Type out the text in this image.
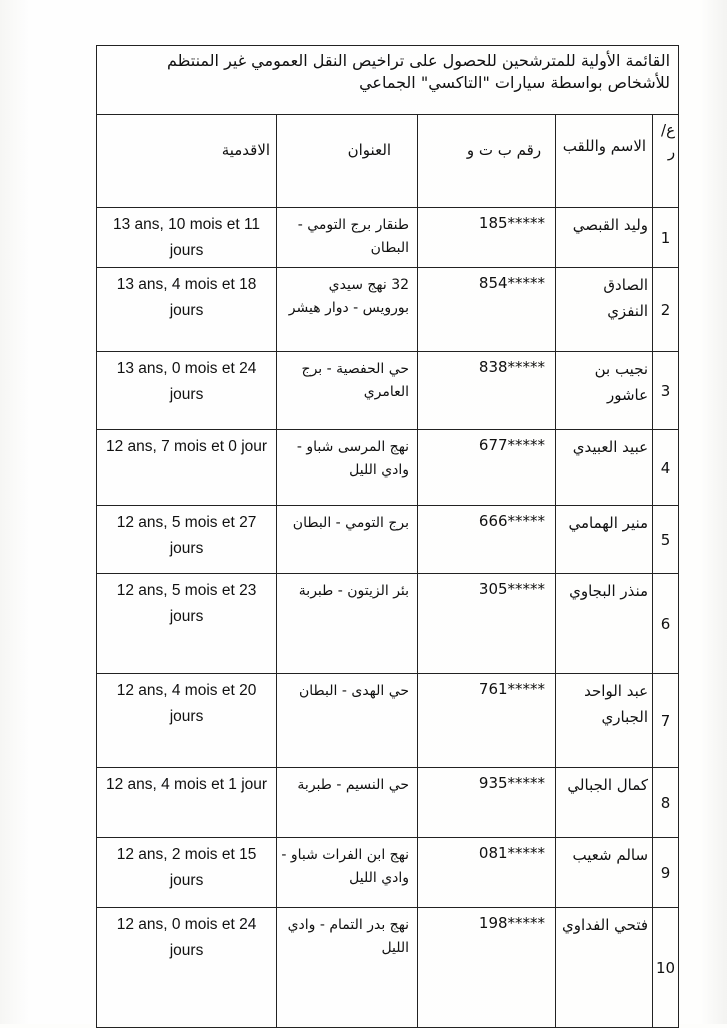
القائمة الأولية للمترشحين للحصول على تراخيص النقل العمومي غير المنتظم للأشخاص بواسطة سيارات "التاكسي" الجماعي				
ع/ ر	الاسم واللقب	رقم ب ت و	العنوان	الاقدمية
1	وليد القبصي	185*****	طنقار برج التومي - البطان	13 ans, 10 mois et 11 jours
2	الصادق النفزي	854*****	32 نهج سيدي بورويس - دوار هيشر	13 ans, 4 mois et 18 jours
3	نجيب بن عاشور	838*****	حي الحفصية - برج العامري	13 ans, 0 mois et 24 jours
4	عبيد العبيدي	677*****	نهج المرسى شباو - وادي الليل	12 ans, 7 mois et 0 jour
5	منير الهمامي	666*****	برج التومي - البطان	12 ans, 5 mois et 27 jours
6	منذر البجاوي	305*****	بئر الزيتون - طبربة	12 ans, 5 mois et 23 jours
7	عبد الواحد الجباري	761*****	حي الهدى - البطان	12 ans, 4 mois et 20 jours
8	كمال الجبالي	935*****	حي النسيم - طبربة	12 ans, 4 mois et 1 jour
9	سالم شعيب	081*****	نهج ابن الفرات شباو - وادي الليل	12 ans, 2 mois et 15 jours
10	فتحي الفداوي	198*****	نهج بدر التمام - وادي الليل	12 ans, 0 mois et 24 jours
